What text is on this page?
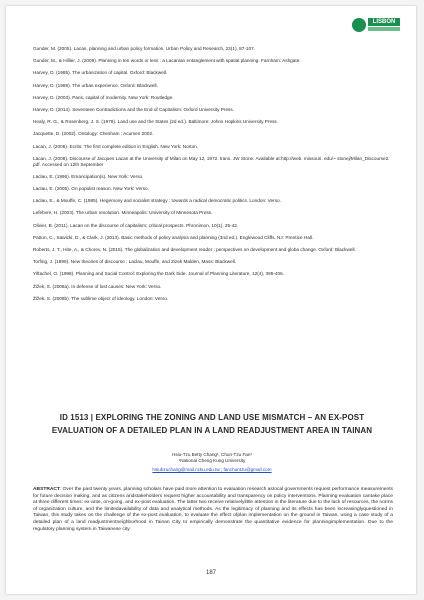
LISBON

Gunder, M. (2005). Lacan, planning and urban policy formation. Urban Policy and Research, 23(1), 87-107.

Gunder, M., & Hillier, J. (2009). Planning in ten words or less : a Lacanian entanglement with spatial planning. Farnham: Ashgate.

Harvey, D. (1985). The urbanization of capital. Oxford: Blackwell.

Harvey, D. (1989). The urban experience. Oxford: Blackwell.

Harvey, D. (2003). Paris, capital of modernity. New York: Routledge.

Harvey, D. (2014). Seventeen Contradictions and the End of Capitalism: Oxford University Press.

Healy, R. G., & Rosenberg, J. S. (1979). Land use and the States (2d ed.). Baltimore: Johns Hopkins University Press.

Jacquette, D. (2002). Ontology: Chesham : Acumen 2002.

Lacan, J. (2006). Ecrits: The first complete edition in English. New York: Norton.

Lacan, J. (2008). Discourse of Jacques Lacan at the University of Milan on May 12, 1972. trans. JW Stone. Available at:http://web. missouri. edu/~ stonej/Milan_Discourse2. pdf. Accessed on 12th September

Laclau, E. (1996). Emancipation(s). New York: Verso.

Laclau, E. (2005). On populist reason. New York: Verso.

Laclau, E., & Mouffe, C. (1985). Hegemony and socialist strategy : towards a radical democratic politics. London: Verso.

Lefebvre, H. (2003). The urban revolution. Minneapolis: University of Minnesota Press.

Olivier, B. (2011). Lacan on the discourse of capitalism; critical prospects. Phronimon, 10(1), 25-42.

Patton, C., Sawicki, D., & Clark, J. (2013). Basic methods of policy analysis and planning (3nd ed.). Englewood Cliffs, NJ: Prentice Hall.

Roberts, J. T., Hite, A., & Chorev, N. (2015). The globalization and development reader : perspectives on development and globa change. Oxford: Blackwell.

Torfing, J. (1999). New theories of discourse : Laclau, Mouffe, and Zizek Malden, Mass: Blackwell.

Yiftachel, O. (1998). Planning and Social Control: Exploring the Dark Side. Journal of Planning Literature, 12(4), 395-406.

Žižek, S. (2008a). In defense of lost causes: New York: Verso.

Žižek, S. (2008b). The sublime object of ideology. London: Verso.

ID 1513 | EXPLORING THE ZONING AND LAND USE MISMATCH – AN EX-POST EVALUATION OF A DETAILED PLAN IN A LAND READJUSTMENT AREA IN TAINAN
Hsiu-Tzu Betty Chang¹, Chun-Tzu Fan¹
¹National Cheng Kung University
hsiubzuchang@mail.ncku.edu.tw ; fanchuntzu@gmail.com
ABSTRACT: Over the past twenty years, planning scholars have paid more attention to evaluation research asIocal governments request performance measurements for future decision making, and as citizens andstakeholders request higher accountability and transparency on policy interventions. Planning evaluation cantake place at three different times: ex-ante, on-going, and ex-post evaluation. The latter two receive relativelylittle attention in the literature due to the lack of resources, the norms of organization culture, and the limitedavailability of data and analytical methods. As the legitimacy of planning and its effects has been increasinglyquestioned in Taiwan, this study takes on the challenge of the ex-post evaluation, to evaluate the effect ofplan implementation on the ground in Taiwan, using a case study of a detailed plan of a land readjustmentneighborhood in Tainan City to empirically demonstrate the quantitative evidence for planningimplementation. Due to the regulatory planning system in Taiwanese city
187
